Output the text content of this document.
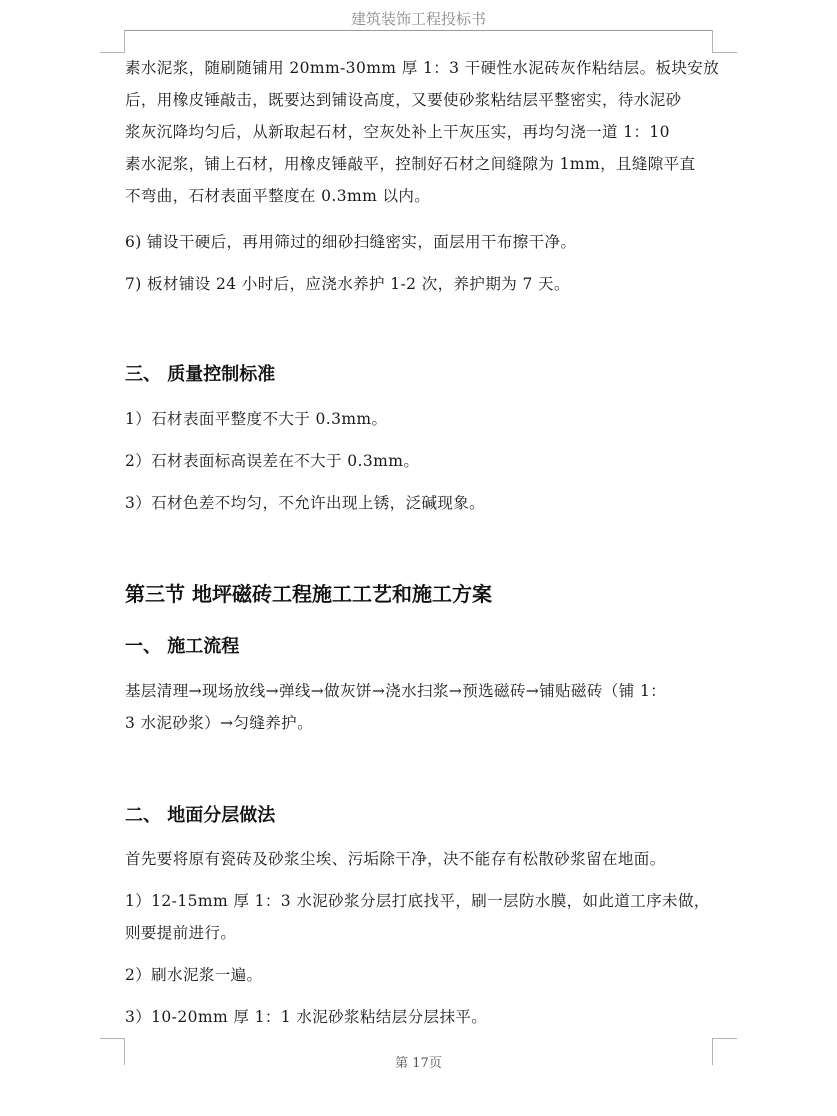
建筑装饰工程投标书

素水泥浆，随刷随铺用 20mm-30mm 厚 1：3 干硬性水泥砖灰作粘结层。板块安放
后，用橡皮锤敲击，既要达到铺设高度，又要使砂浆粘结层平整密实，待水泥砂
浆灰沉降均匀后，从新取起石材，空灰处补上干灰压实，再均匀浇一道 1：10
素水泥浆，铺上石材，用橡皮锤敲平，控制好石材之间缝隙为 1mm，且缝隙平直
不弯曲，石材表面平整度在 0.3mm 以内。

6) 铺设干硬后，再用筛过的细砂扫缝密实，面层用干布擦干净。

7) 板材铺设 24 小时后，应浇水养护 1-2 次，养护期为 7 天。

三、 质量控制标准

1）石材表面平整度不大于 0.3mm。

2）石材表面标高误差在不大于 0.3mm。

3）石材色差不均匀，不允许出现上锈，泛碱现象。

第三节 地坪磁砖工程施工工艺和施工方案
一、 施工流程

基层清理→现场放线→弹线→做灰饼→浇水扫浆→预选磁砖→铺贴磁砖（铺 1：
3 水泥砂浆）→匀缝养护。

二、 地面分层做法

首先要将原有瓷砖及砂浆尘埃、污垢除干净，决不能存有松散砂浆留在地面。

1）12-15mm 厚 1：3 水泥砂浆分层打底找平，刷一层防水膜，如此道工序未做，
则要提前进行。

2）刷水泥浆一遍。

3）10-20mm 厚 1：1 水泥砂浆粘结层分层抹平。

第 17页
